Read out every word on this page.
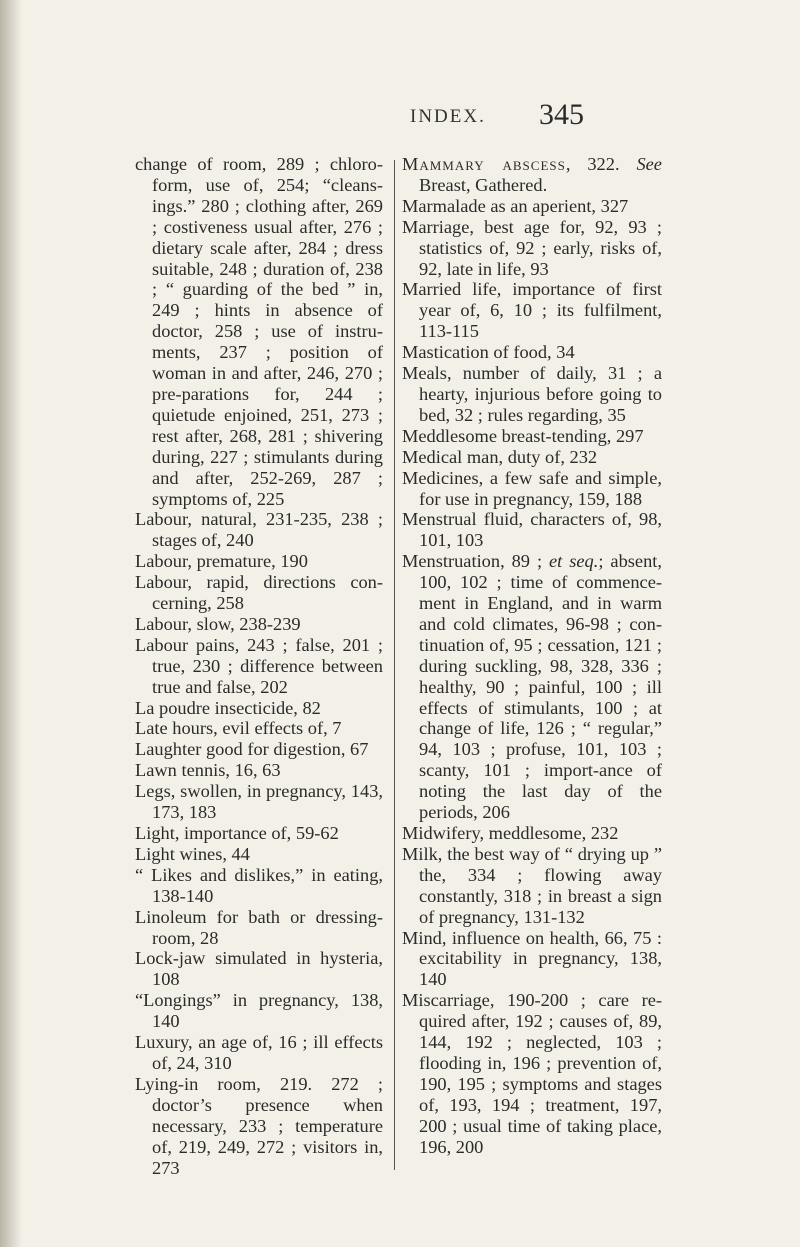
INDEX. 345

change of room, 289 ; chloro-form, use of, 254; “cleans-ings.” 280 ; clothing after, 269 ; costiveness usual after, 276 ; dietary scale after, 284 ; dress suitable, 248 ; duration of, 238 ; “ guarding of the bed ” in, 249 ; hints in absence of doctor, 258 ; use of instru-ments, 237 ; position of woman in and after, 246, 270 ; pre-parations for, 244 ; quietude enjoined, 251, 273 ; rest after, 268, 281 ; shivering during, 227 ; stimulants during and after, 252-269, 287 ; symptoms of, 225

Labour, natural, 231-235, 238 ; stages of, 240

Labour, premature, 190

Labour, rapid, directions con-cerning, 258

Labour, slow, 238-239

Labour pains, 243 ; false, 201 ; true, 230 ; difference between true and false, 202

La poudre insecticide, 82

Late hours, evil effects of, 7

Laughter good for digestion, 67

Lawn tennis, 16, 63

Legs, swollen, in pregnancy, 143, 173, 183

Light, importance of, 59-62

Light wines, 44

“ Likes and dislikes,” in eating, 138-140

Linoleum for bath or dressing-room, 28

Lock-jaw simulated in hysteria, 108

“Longings” in pregnancy, 138, 140

Luxury, an age of, 16 ; ill effects of, 24, 310

Lying-in room, 219. 272 ; doctor’s presence when necessary, 233 ; temperature of, 219, 249, 272 ; visitors in, 273

Mammary abscess, 322. See Breast, Gathered.

Marmalade as an aperient, 327

Marriage, best age for, 92, 93 ; statistics of, 92 ; early, risks of, 92, late in life, 93

Married life, importance of first year of, 6, 10 ; its fulfilment, 113-115

Mastication of food, 34

Meals, number of daily, 31 ; a hearty, injurious before going to bed, 32 ; rules regarding, 35

Meddlesome breast-tending, 297

Medical man, duty of, 232

Medicines, a few safe and simple, for use in pregnancy, 159, 188

Menstrual fluid, characters of, 98, 101, 103

Menstruation, 89 ; et seq.; absent, 100, 102 ; time of commence-ment in England, and in warm and cold climates, 96-98 ; con-tinuation of, 95 ; cessation, 121 ; during suckling, 98, 328, 336 ; healthy, 90 ; painful, 100 ; ill effects of stimulants, 100 ; at change of life, 126 ; “ regular,” 94, 103 ; profuse, 101, 103 ; scanty, 101 ; import-ance of noting the last day of the periods, 206

Midwifery, meddlesome, 232

Milk, the best way of “ drying up ” the, 334 ; flowing away constantly, 318 ; in breast a sign of pregnancy, 131-132

Mind, influence on health, 66, 75 : excitability in pregnancy, 138, 140

Miscarriage, 190-200 ; care re-quired after, 192 ; causes of, 89, 144, 192 ; neglected, 103 ; flooding in, 196 ; prevention of, 190, 195 ; symptoms and stages of, 193, 194 ; treatment, 197, 200 ; usual time of taking place, 196, 200
